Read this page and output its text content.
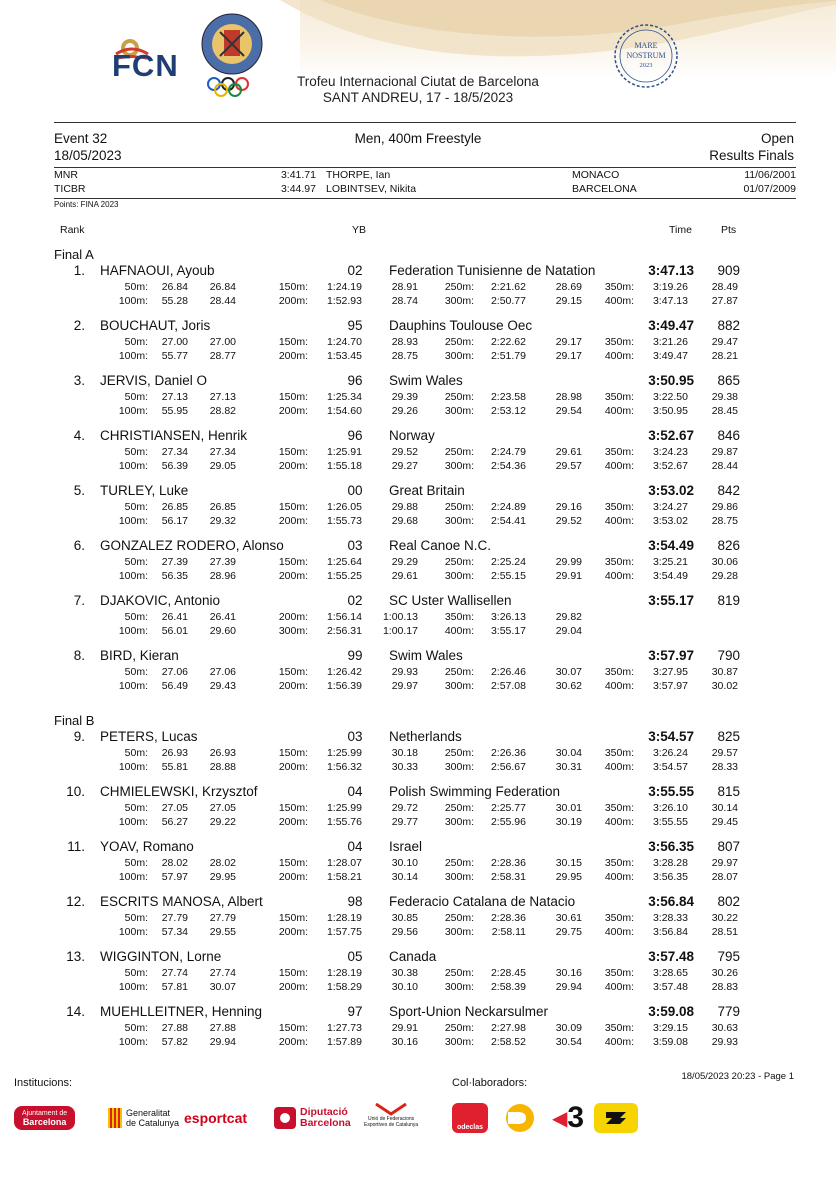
FCN
MARE
NOSTRUM
2023
Trofeu Internacional Ciutat de Barcelona
SANT ANDREU, 17 - 18/5/2023
Event 32
18/05/2023
Men, 400m Freestyle	Open
Results Finals
MNR	3:41.71 THORPE, Ian	MONACO	11/06/2001
TICBR	3:44.97 LOBINTSEV, Nikita	BARCELONA	01/07/2009
Points: FINA 2023
Rank	YB	Time	Pts
Final A
1. HAFNAOUI, Ayoub	02	Federation Tunisienne de Natation	3:47.13	909
50m:	26.84	26.84	150m:	1:24.19	28.91	250m:	2:21.62	28.69	350m:	3:19.26	28.49
100m:	55.28	28.44	200m:	1:52.93	28.74	300m:	2:50.77	29.15	400m:	3:47.13	27.87
2. BOUCHAUT, Joris	95	Dauphins Toulouse Oec	3:49.47	882
50m:	27.00	27.00	150m:	1:24.70	28.93	250m:	2:22.62	29.17	350m:	3:21.26	29.47
100m:	55.77	28.77	200m:	1:53.45	28.75	300m:	2:51.79	29.17	400m:	3:49.47	28.21
3. JERVIS, Daniel O	96	Swim Wales	3:50.95	865
50m:	27.13	27.13	150m:	1:25.34	29.39	250m:	2:23.58	28.98	350m:	3:22.50	29.38
100m:	55.95	28.82	200m:	1:54.60	29.26	300m:	2:53.12	29.54	400m:	3:50.95	28.45
4. CHRISTIANSEN, Henrik	96	Norway	3:52.67	846
50m:	27.34	27.34	150m:	1:25.91	29.52	250m:	2:24.79	29.61	350m:	3:24.23	29.87
100m:	56.39	29.05	200m:	1:55.18	29.27	300m:	2:54.36	29.57	400m:	3:52.67	28.44
5. TURLEY, Luke	00	Great Britain	3:53.02	842
50m:	26.85	26.85	150m:	1:26.05	29.88	250m:	2:24.89	29.16	350m:	3:24.27	29.86
100m:	56.17	29.32	200m:	1:55.73	29.68	300m:	2:54.41	29.52	400m:	3:53.02	28.75
6. GONZALEZ RODERO, Alonso	03	Real Canoe N.C.	3:54.49	826
50m:	27.39	27.39	150m:	1:25.64	29.29	250m:	2:25.24	29.99	350m:	3:25.21	30.06
100m:	56.35	28.96	200m:	1:55.25	29.61	300m:	2:55.15	29.91	400m:	3:54.49	29.28
7. DJAKOVIC, Antonio	02	SC Uster Wallisellen	3:55.17	819
50m:	26.41	26.41	200m:	1:56.14	1:00.13	350m:	3:26.13	29.82
100m:	56.01	29.60	300m:	2:56.31	1:00.17	400m:	3:55.17	29.04
8. BIRD, Kieran	99	Swim Wales	3:57.97	790
50m:	27.06	27.06	150m:	1:26.42	29.93	250m:	2:26.46	30.07	350m:	3:27.95	30.87
100m:	56.49	29.43	200m:	1:56.39	29.97	300m:	2:57.08	30.62	400m:	3:57.97	30.02
Final B
9. PETERS, Lucas	03	Netherlands	3:54.57	825
50m:	26.93	26.93	150m:	1:25.99	30.18	250m:	2:26.36	30.04	350m:	3:26.24	29.57
100m:	55.81	28.88	200m:	1:56.32	30.33	300m:	2:56.67	30.31	400m:	3:54.57	28.33
10. CHMIELEWSKI, Krzysztof	04	Polish Swimming Federation	3:55.55	815
50m:	27.05	27.05	150m:	1:25.99	29.72	250m:	2:25.77	30.01	350m:	3:26.10	30.14
100m:	56.27	29.22	200m:	1:55.76	29.77	300m:	2:55.96	30.19	400m:	3:55.55	29.45
11. YOAV, Romano	04	Israel	3:56.35	807
50m:	28.02	28.02	150m:	1:28.07	30.10	250m:	2:28.36	30.15	350m:	3:28.28	29.97
100m:	57.97	29.95	200m:	1:58.21	30.14	300m:	2:58.31	29.95	400m:	3:56.35	28.07
12. ESCRITS MANOSA, Albert	98	Federacio Catalana de Natacio	3:56.84	802
50m:	27.79	27.79	150m:	1:28.19	30.85	250m:	2:28.36	30.61	350m:	3:28.33	30.22
100m:	57.34	29.55	200m:	1:57.75	29.56	300m:	2:58.11	29.75	400m:	3:56.84	28.51
13. WIGGINTON, Lorne	05	Canada	3:57.48	795
50m:	27.74	27.74	150m:	1:28.19	30.38	250m:	2:28.45	30.16	350m:	3:28.65	30.26
100m:	57.81	30.07	200m:	1:58.29	30.10	300m:	2:58.39	29.94	400m:	3:57.48	28.83
14. MUEHLLEITNER, Henning	97	Sport-Union Neckarsulmer	3:59.08	779
50m:	27.88	27.88	150m:	1:27.73	29.91	250m:	2:27.98	30.09	350m:	3:29.15	30.63
100m:	57.82	29.94	200m:	1:57.89	30.16	300m:	2:58.52	30.54	400m:	3:59.08	29.93
Institucions:	Col·laboradors:
18/05/2023 20:23 - Page 1
Ajuntament de
Barcelona
Generalitat
de Catalunya esportcat	Diputació
Barcelona	Unió de Federacions
Esportives de Catalunya	odeclas	◀ 3
